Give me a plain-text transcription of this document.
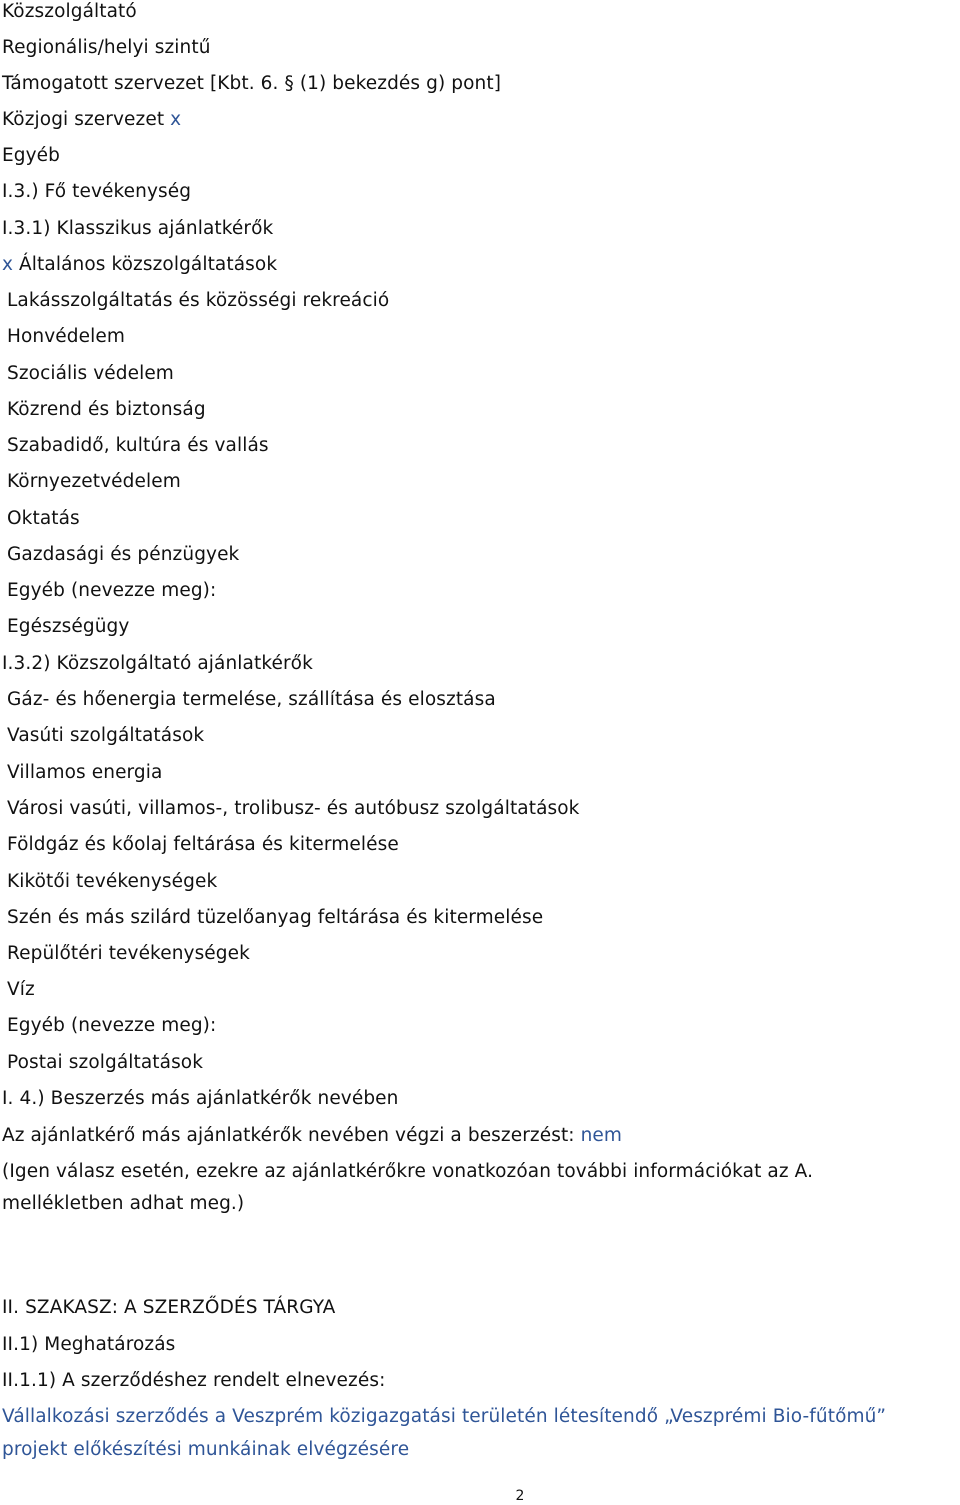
Közszolgáltató
Regionális/helyi szintű
Támogatott szervezet [Kbt. 6. § (1) bekezdés g) pont]
Közjogi szervezet x
Egyéb
I.3.) Fő tevékenység
I.3.1) Klasszikus ajánlatkérők
x Általános közszolgáltatások
Lakásszolgáltatás és közösségi rekreáció
Honvédelem
Szociális védelem
Közrend és biztonság
Szabadidő, kultúra és vallás
Környezetvédelem
Oktatás
Gazdasági és pénzügyek
Egyéb (nevezze meg):
Egészségügy
I.3.2) Közszolgáltató ajánlatkérők
Gáz- és hőenergia termelése, szállítása és elosztása
Vasúti szolgáltatások
Villamos energia
Városi vasúti, villamos-, trolibusz- és autóbusz szolgáltatások
Földgáz és kőolaj feltárása és kitermelése
Kikötői tevékenységek
Szén és más szilárd tüzelőanyag feltárása és kitermelése
Repülőtéri tevékenységek
Víz
Egyéb (nevezze meg):
Postai szolgáltatások
I. 4.) Beszerzés más ajánlatkérők nevében
Az ajánlatkérő más ajánlatkérők nevében végzi a beszerzést: nem
(Igen válasz esetén, ezekre az ajánlatkérőkre vonatkozóan további információkat az A.
mellékletben adhat meg.)
II. SZAKASZ: A SZERZŐDÉS TÁRGYA
II.1) Meghatározás
II.1.1) A szerződéshez rendelt elnevezés:
Vállalkozási szerződés a Veszprém közigazgatási területén létesítendő „Veszprémi Bio-fűtőmű”
projekt előkészítési munkáinak elvégzésére
2
